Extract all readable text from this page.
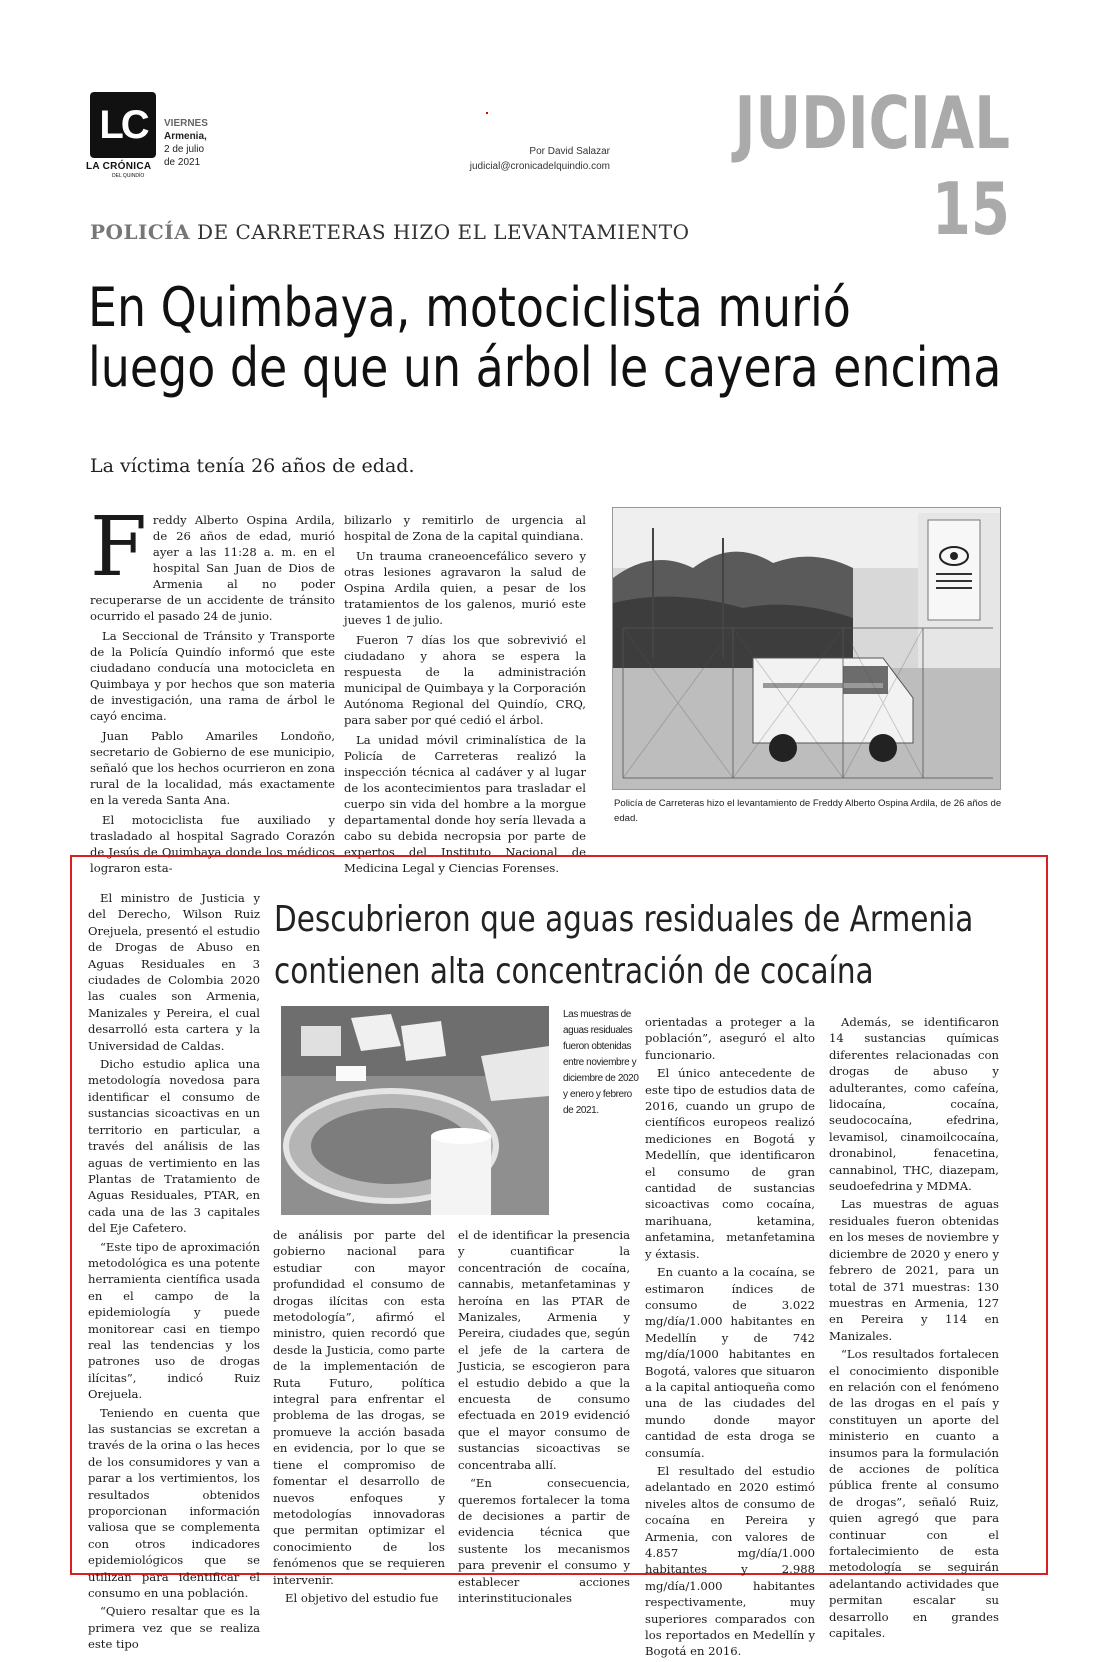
LC
LA CRÓNICA
DEL QUINDÍO
VIERNES
Armenia,
2 de julio
de 2021
Por David Salazar
judicial@cronicadelquindio.com
JUDICIAL 15
POLICÍA DE CARRETERAS HIZO EL LEVANTAMIENTO
En Quimbaya, motociclista murió
luego de que un árbol le cayera encima
La víctima tenía 26 años de edad.

Freddy Alberto Ospina Ardila, de 26 años de edad, murió ayer a las 11:28 a. m. en el hospital San Juan de Dios de Armenia al no poder recuperarse de un accidente de tránsito ocurrido el pasado 24 de junio.

La Seccional de Tránsito y Transporte de la Policía Quindío informó que este ciudadano conducía una motocicleta en Quimbaya y por hechos que son materia de investigación, una rama de árbol le cayó encima.

Juan Pablo Amariles Londoño, secretario de Gobierno de ese municipio, señaló que los hechos ocurrieron en zona rural de la localidad, más exactamente en la vereda Santa Ana.

El motociclista fue auxiliado y trasladado al hospital Sagrado Corazón de Jesús de Quimbaya donde los médicos lograron esta-

bilizarlo y remitirlo de urgencia al hospital de Zona de la capital quindiana.

Un trauma craneoencefálico severo y otras lesiones agravaron la salud de Ospina Ardila quien, a pesar de los tratamientos de los galenos, murió este jueves 1 de julio.

Fueron 7 días los que sobrevivió el ciudadano y ahora se espera la respuesta de la administración municipal de Quimbaya y la Corporación Autónoma Regional del Quindío, CRQ, para saber por qué cedió el árbol.

La unidad móvil criminalística de la Policía de Carreteras realizó la inspección técnica al cadáver y al lugar de los acontecimientos para trasladar el cuerpo sin vida del hombre a la morgue departamental donde hoy sería llevada a cabo su debida necropsia por parte de expertos del Instituto Nacional de Medicina Legal y Ciencias Forenses.

Policía de Carreteras hizo el levantamiento de Freddy Alberto Ospina Ardila, de 26 años de edad.
Descubrieron que aguas residuales de Armenia
contienen alta concentración de cocaína

El ministro de Justicia y del Derecho, Wilson Ruiz Orejuela, presentó el estudio de Drogas de Abuso en Aguas Residuales en 3 ciudades de Colombia 2020 las cuales son Armenia, Manizales y Pereira, el cual desarrolló esta cartera y la Universidad de Caldas.

Dicho estudio aplica una metodología novedosa para identificar el consumo de sustancias sicoactivas en un territorio en particular, a través del análisis de las aguas de vertimiento en las Plantas de Tratamiento de Aguas Residuales, PTAR, en cada una de las 3 capitales del Eje Cafetero.

“Este tipo de aproximación metodológica es una potente herramienta científica usada en el campo de la epidemiología y puede monitorear casi en tiempo real las tendencias y los patrones uso de drogas ilícitas”, indicó Ruiz Orejuela.

Teniendo en cuenta que las sustancias se excretan a través de la orina o las heces de los consumidores y van a parar a los vertimientos, los resultados obtenidos proporcionan información valiosa que se complementa con otros indicadores epidemiológicos que se utilizan para identificar el consumo en una población.

“Quiero resaltar que es la primera vez que se realiza este tipo

Las muestras de aguas residuales fueron obtenidas entre noviembre y diciembre de 2020 y enero y febrero de 2021.

de análisis por parte del gobierno nacional para estudiar con mayor profundidad el consumo de drogas ilícitas con esta metodología”, afirmó el ministro, quien recordó que desde la Justicia, como parte de la implementación de Ruta Futuro, política integral para enfrentar el problema de las drogas, se promueve la acción basada en evidencia, por lo que se tiene el compromiso de fomentar el desarrollo de nuevos enfoques y metodologías innovadoras que permitan optimizar el conocimiento de los fenómenos que se requieren intervenir.

El objetivo del estudio fue

el de identificar la presencia y cuantificar la concentración de cocaína, cannabis, metanfetaminas y heroína en las PTAR de Manizales, Armenia y Pereira, ciudades que, según el jefe de la cartera de Justicia, se escogieron para el estudio debido a que la encuesta de consumo efectuada en 2019 evidenció que el mayor consumo de sustancias sicoactivas se concentraba allí.

“En consecuencia, queremos fortalecer la toma de decisiones a partir de evidencia técnica que sustente los mecanismos para prevenir el consumo y establecer acciones interinstitucionales

orientadas a proteger a la población”, aseguró el alto funcionario.

El único antecedente de este tipo de estudios data de 2016, cuando un grupo de científicos europeos realizó mediciones en Bogotá y Medellín, que identificaron el consumo de gran cantidad de sustancias sicoactivas como cocaína, marihuana, ketamina, anfetamina, metanfetamina y éxtasis.

En cuanto a la cocaína, se estimaron índices de consumo de 3.022 mg/día/1.000 habitantes en Medellín y de 742 mg/día/1000 habitantes en Bogotá, valores que situaron a la capital antioqueña como una de las ciudades del mundo donde mayor cantidad de esta droga se consumía.

El resultado del estudio adelantado en 2020 estimó niveles altos de consumo de cocaína en Pereira y Armenia, con valores de 4.857 mg/día/1.000 habitantes y 2.988 mg/día/1.000 habitantes respectivamente, muy superiores comparados con los reportados en Medellín y Bogotá en 2016.

Además, se identificaron 14 sustancias químicas diferentes relacionadas con drogas de abuso y adulterantes, como cafeína, lidocaína, cocaína, seudococaína, efedrina, levamisol, cinamoilcocaína, dronabinol, fenacetina, cannabinol, THC, diazepam, seudoefedrina y MDMA.

Las muestras de aguas residuales fueron obtenidas en los meses de noviembre y diciembre de 2020 y enero y febrero de 2021, para un total de 371 muestras: 130 muestras en Armenia, 127 en Pereira y 114 en Manizales.

“Los resultados fortalecen el conocimiento disponible en relación con el fenómeno de las drogas en el país y constituyen un aporte del ministerio en cuanto a insumos para la formulación de acciones de política pública frente al consumo de drogas”, señaló Ruiz, quien agregó que para continuar con el fortalecimiento de esta metodología se seguirán adelantando actividades que permitan escalar su desarrollo en grandes capitales.
